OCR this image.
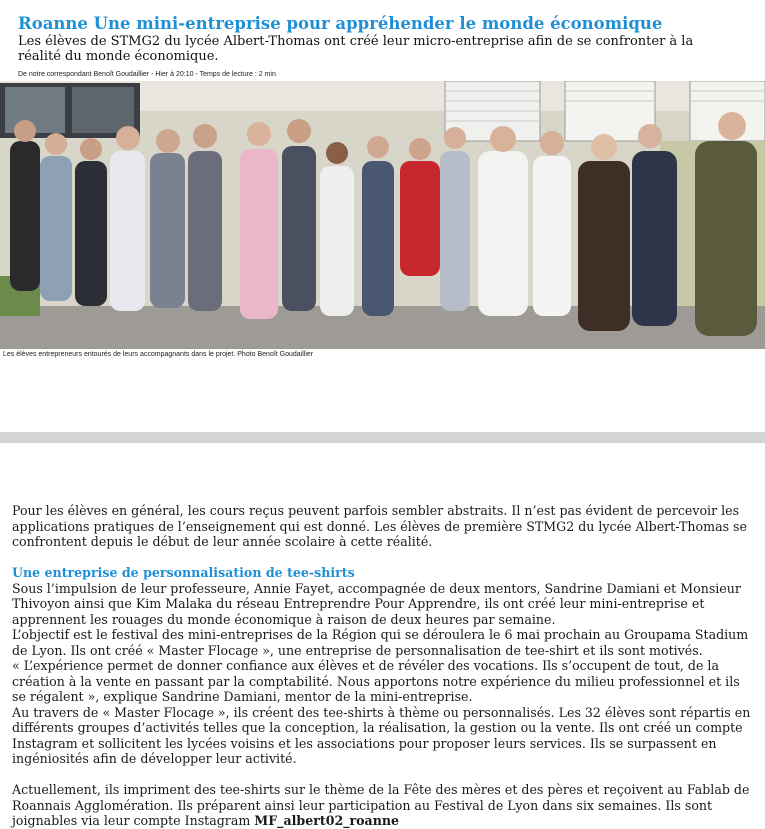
Roanne Une mini-entreprise pour appréhender le monde économique

Les élèves de STMG2 du lycée Albert-Thomas ont créé leur micro-entreprise afin de se confronter à la réalité du monde économique.

De notre correspondant Benoît Goudaillier - Hier à 20:10 - Temps de lecture : 2 min
Les élèves entrepreneurs entourés de leurs accompagnants dans le projet. Photo Benoît Goudaillier

Pour les élèves en général, les cours reçus peuvent parfois sembler abstraits. Il n’est pas évident de percevoir les applications pratiques de l’enseignement qui est donné. Les élèves de première STMG2 du lycée Albert-Thomas se confrontent depuis le début de leur année scolaire à cette réalité.

Une entreprise de personnalisation de tee-shirts

Sous l’impulsion de leur professeure, Annie Fayet, accompagnée de deux mentors, Sandrine Damiani et Monsieur Thivoyon ainsi que Kim Malaka du réseau Entreprendre Pour Apprendre, ils ont créé leur mini-entreprise et apprennent les rouages du monde économique à raison de deux heures par semaine.

L’objectif est le festival des mini-entreprises de la Région qui se déroulera le 6 mai prochain au Groupama Stadium de Lyon. Ils ont créé « Master Flocage », une entreprise de personnalisation de tee-shirt et ils sont motivés.

« L’expérience permet de donner confiance aux élèves et de révéler des vocations. Ils s’occupent de tout, de la création à la vente en passant par la comptabilité. Nous apportons notre expérience du milieu professionnel et ils se régalent », explique Sandrine Damiani, mentor de la mini-entreprise.

Au travers de « Master Flocage », ils créent des tee-shirts à thème ou personnalisés. Les 32 élèves sont répartis en différents groupes d’activités telles que la conception, la réalisation, la gestion ou la vente. Ils ont créé un compte Instagram et sollicitent les lycées voisins et les associations pour proposer leurs services. Ils se surpassent en ingéniosités afin de développer leur activité.

Actuellement, ils impriment des tee-shirts sur le thème de la Fête des mères et des pères et reçoivent au Fablab de Roannais Agglomération. Ils préparent ainsi leur participation au Festival de Lyon dans six semaines. Ils sont joignables via leur compte Instagram MF_albert02_roanne
